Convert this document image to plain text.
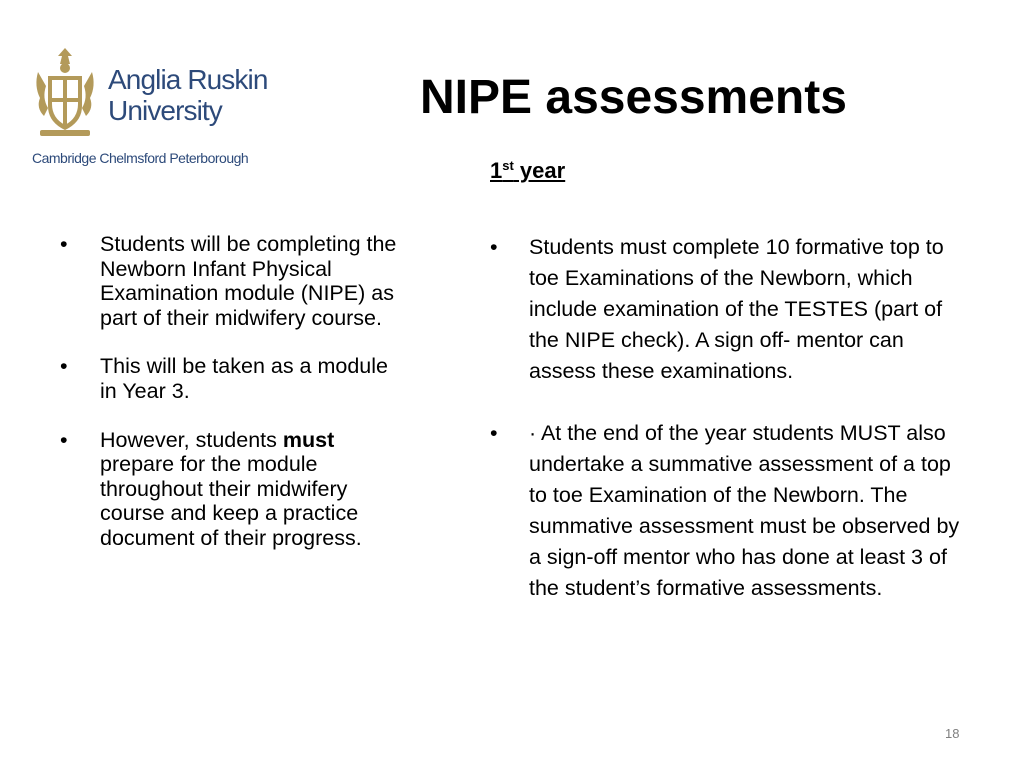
Anglia Ruskin
University
Cambridge Chelmsford Peterborough
NIPE assessments
1st year
• Students will be completing the Newborn Infant Physical Examination module (NIPE) as part of their midwifery course.
• This will be taken as a module in Year 3.
• However, students must prepare for the module throughout their midwifery course and keep a practice document of their progress.
• Students must complete 10 formative top to toe Examinations of the Newborn, which include examination of the TESTES (part of the NIPE check). A sign off- mentor can assess these examinations.
• · At the end of the year students MUST also undertake a summative assessment of a top to toe Examination of the Newborn. The summative assessment must be observed by a sign-off mentor who has done at least 3 of the student’s formative assessments.
18
